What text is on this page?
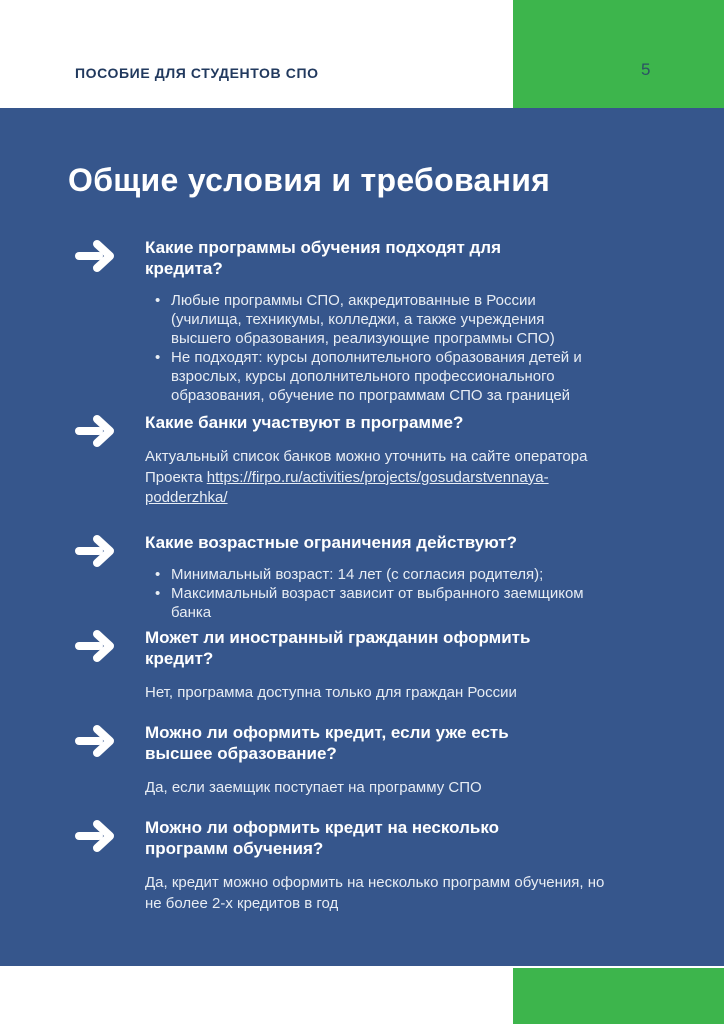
ПОСОБИЕ ДЛЯ СТУДЕНТОВ СПО	5
Общие условия и требования
Какие программы обучения подходят для кредита?
• Любые программы СПО, аккредитованные в России (училища, техникумы, колледжи, а также учреждения высшего образования, реализующие программы СПО)
• Не подходят: курсы дополнительного образования детей и взрослых, курсы дополнительного профессионального образования, обучение по программам СПО за границей
Какие банки участвуют в программе?

Актуальный список банков можно уточнить на сайте оператора Проекта https://firpo.ru/activities/projects/gosudarstvennaya-podderzhka/

Какие возрастные ограничения действуют?
• Минимальный возраст: 14 лет (с согласия родителя);
• Максимальный возраст зависит от выбранного заемщиком банка
Может ли иностранный гражданин оформить кредит?

Нет, программа доступна только для граждан России

Можно ли оформить кредит, если уже есть высшее образование?

Да, если заемщик поступает на программу СПО

Можно ли оформить кредит на несколько программ обучения?

Да, кредит можно оформить на несколько программ обучения, но не более 2-х кредитов в год
